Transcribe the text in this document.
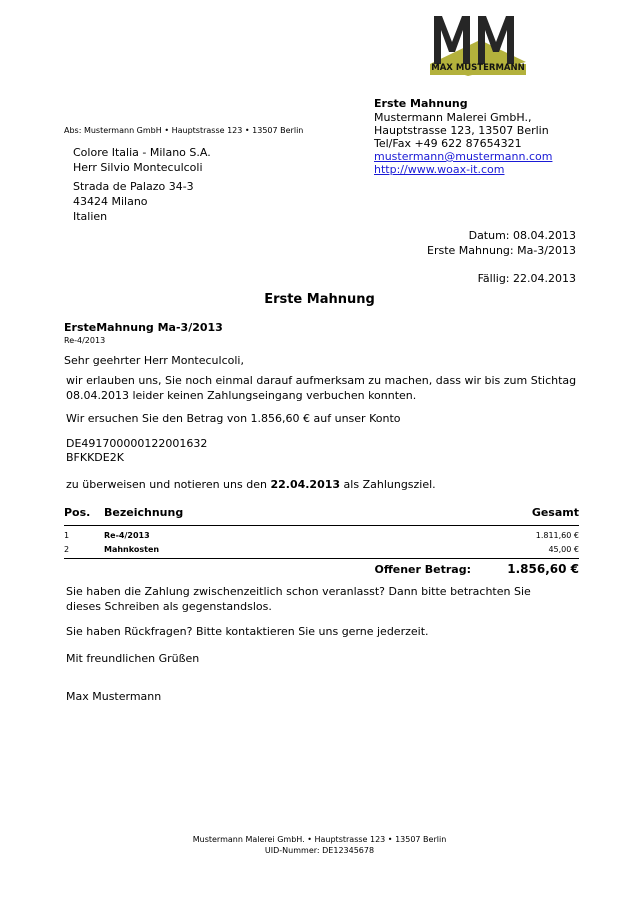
MAX MUSTERMANN
Erste Mahnung
Mustermann Malerei GmbH.,
Hauptstrasse 123, 13507 Berlin
Tel/Fax +49 622 87654321
mustermann@mustermann.com
http://www.woax-it.com
Abs: Mustermann GmbH • Hauptstrasse 123 • 13507 Berlin
Colore Italia - Milano S.A.
Herr Silvio Monteculcoli
Strada de Palazo 34-3
43424 Milano
Italien
Datum: 08.04.2013
Erste Mahnung: Ma-3/2013
Fällig: 22.04.2013
Erste Mahnung
ErsteMahnung Ma-3/2013
Re-4/2013
Sehr geehrter Herr Monteculcoli,
wir erlauben uns, Sie noch einmal darauf aufmerksam zu machen, dass wir bis zum Stichtag 08.04.2013 leider keinen Zahlungseingang verbuchen konnten.
Wir ersuchen Sie den Betrag von 1.856,60 € auf unser Konto
DE491700000122001632
BFKKDE2K
zu überweisen und notieren uns den 22.04.2013 als Zahlungsziel.
Pos. Bezeichnung	Gesamt
1	Re-4/2013	1.811,60 €
2	Mahnkosten	45,00 €
Offener Betrag:	1.856,60 €
Sie haben die Zahlung zwischenzeitlich schon veranlasst? Dann bitte betrachten Sie dieses Schreiben als gegenstandslos.
Sie haben Rückfragen? Bitte kontaktieren Sie uns gerne jederzeit.
Mit freundlichen Grüßen
Max Mustermann
Mustermann Malerei GmbH. • Hauptstrasse 123 • 13507 Berlin
UID-Nummer: DE12345678
